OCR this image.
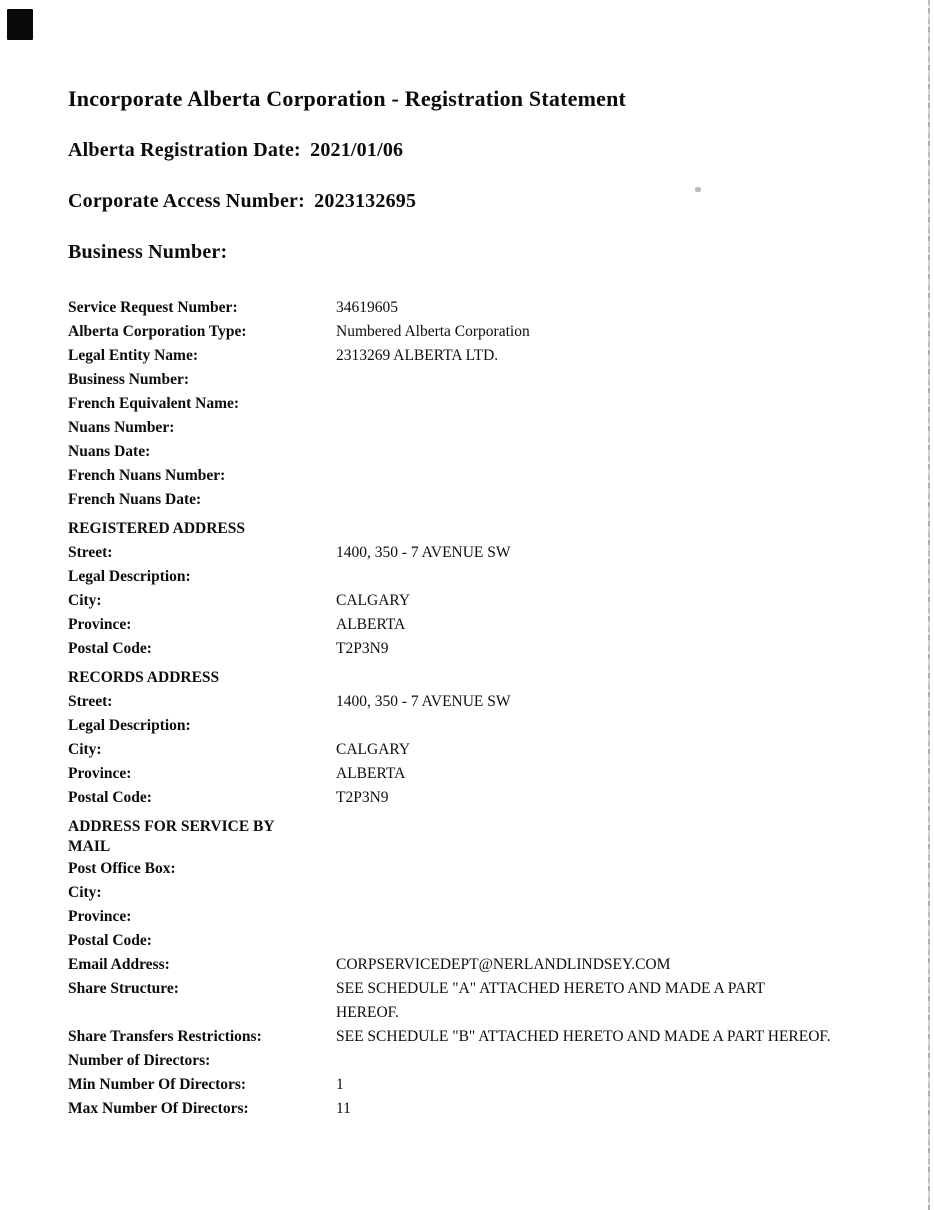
Incorporate Alberta Corporation - Registration Statement
Alberta Registration Date: 2021/01/06
Corporate Access Number: 2023132695
Business Number:
Service Request Number:	34619605
Alberta Corporation Type:	Numbered Alberta Corporation
Legal Entity Name:	2313269 ALBERTA LTD.
Business Number:
French Equivalent Name:
Nuans Number:
Nuans Date:
French Nuans Number:
French Nuans Date:
REGISTERED ADDRESS
Street:	1400, 350 - 7 AVENUE SW
Legal Description:
City:	CALGARY
Province:	ALBERTA
Postal Code:	T2P3N9
RECORDS ADDRESS
Street:	1400, 350 - 7 AVENUE SW
Legal Description:
City:	CALGARY
Province:	ALBERTA
Postal Code:	T2P3N9
ADDRESS FOR SERVICE BY MAIL
Post Office Box:
City:
Province:
Postal Code:
Email Address:	CORPSERVICEDEPT@NERLANDLINDSEY.COM
Share Structure:	SEE SCHEDULE "A" ATTACHED HERETO AND MADE A PART HEREOF.
Share Transfers Restrictions:	SEE SCHEDULE "B" ATTACHED HERETO AND MADE A PART HEREOF.
Number of Directors:
Min Number Of Directors:	1
Max Number Of Directors:	11
